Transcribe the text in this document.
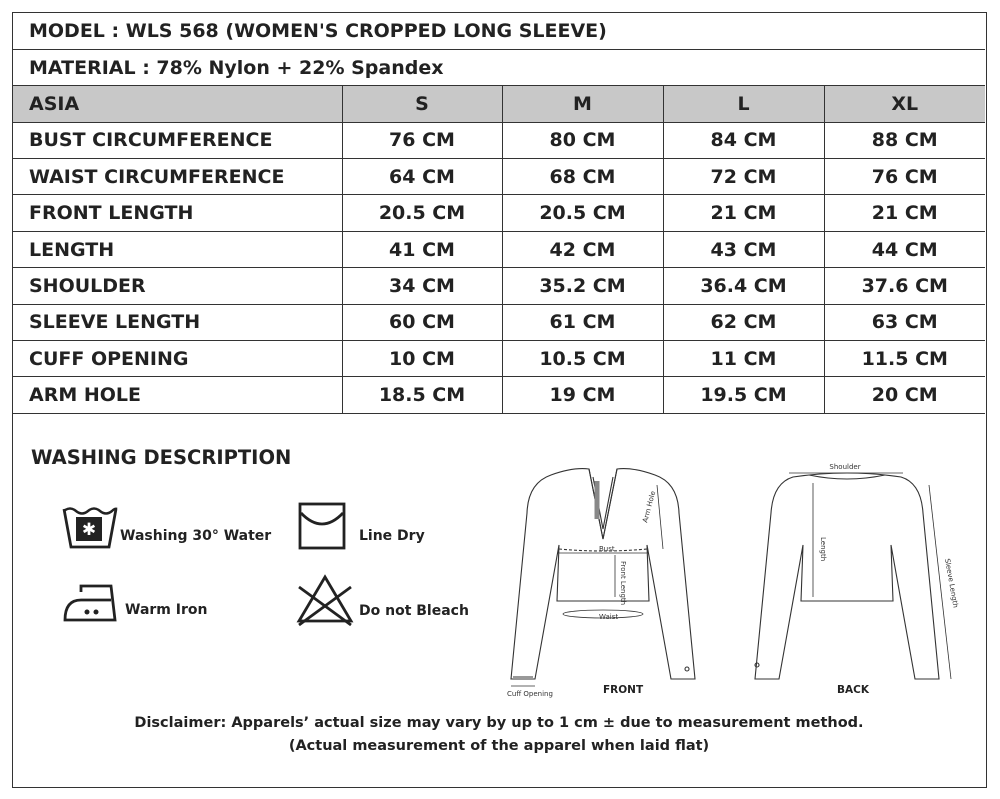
MODEL : WLS 568 (WOMEN'S CROPPED LONG SLEEVE)				
MATERIAL : 78% Nylon + 22% Spandex				
ASIA	S	M	L	XL
BUST CIRCUMFERENCE	76 CM	80 CM	84 CM	88 CM
WAIST CIRCUMFERENCE	64 CM	68 CM	72 CM	76 CM
FRONT LENGTH	20.5 CM	20.5 CM	21 CM	21 CM
LENGTH	41 CM	42 CM	43 CM	44 CM
SHOULDER	34 CM	35.2 CM	36.4 CM	37.6 CM
SLEEVE LENGTH	60 CM	61 CM	62 CM	63 CM
CUFF OPENING	10 CM	10.5 CM	11 CM	11.5 CM
ARM HOLE	18.5 CM	19 CM	19.5 CM	20 CM
WASHING DESCRIPTION
✱ Washing 30° Water	Line Dry
Warm Iron	Do not Bleach
Bust
Front Length
Waist
Arm Hole
Cuff Opening	FRONT
Shoulder
Length
Sleeve Length
BACK
Disclaimer: Apparels’ actual size may vary by up to 1 cm ± due to measurement method.
(Actual measurement of the apparel when laid flat)
